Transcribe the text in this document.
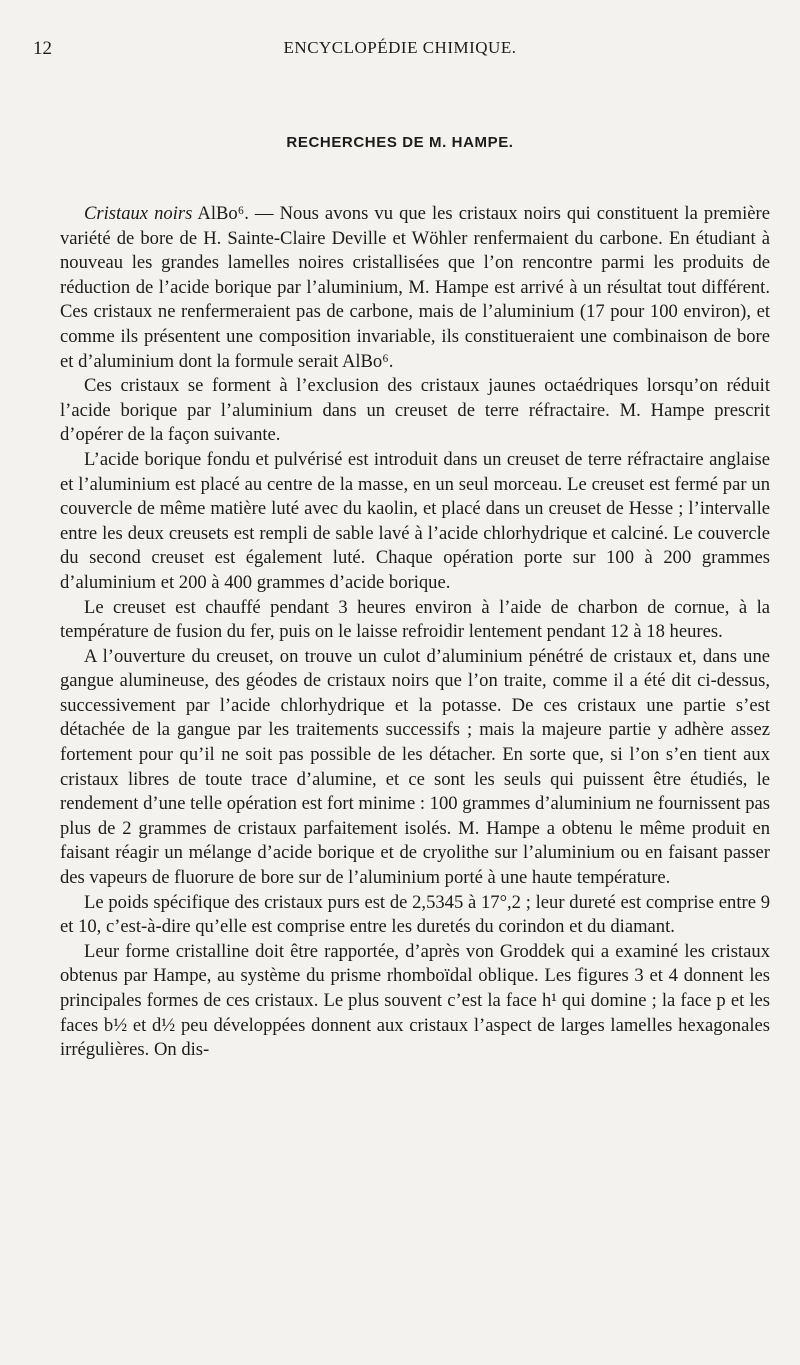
12	ENCYCLOPÉDIE CHIMIQUE.
RECHERCHES DE M. HAMPE.

Cristaux noirs AlBo⁶. — Nous avons vu que les cristaux noirs qui constituent la première variété de bore de H. Sainte-Claire Deville et Wöhler renfermaient du carbone. En étudiant à nouveau les grandes lamelles noires cristallisées que l’on rencontre parmi les produits de réduction de l’acide borique par l’aluminium, M. Hampe est arrivé à un résultat tout différent. Ces cristaux ne renfermeraient pas de carbone, mais de l’aluminium (17 pour 100 environ), et comme ils présentent une composition invariable, ils constitueraient une combinaison de bore et d’aluminium dont la formule serait AlBo⁶.

Ces cristaux se forment à l’exclusion des cristaux jaunes octaédriques lorsqu’on réduit l’acide borique par l’aluminium dans un creuset de terre réfractaire. M. Hampe prescrit d’opérer de la façon suivante.

L’acide borique fondu et pulvérisé est introduit dans un creuset de terre réfractaire anglaise et l’aluminium est placé au centre de la masse, en un seul morceau. Le creuset est fermé par un couvercle de même matière luté avec du kaolin, et placé dans un creuset de Hesse ; l’intervalle entre les deux creusets est rempli de sable lavé à l’acide chlorhydrique et calciné. Le couvercle du second creuset est également luté. Chaque opération porte sur 100 à 200 grammes d’aluminium et 200 à 400 grammes d’acide borique.

Le creuset est chauffé pendant 3 heures environ à l’aide de charbon de cornue, à la température de fusion du fer, puis on le laisse refroidir lentement pendant 12 à 18 heures.

A l’ouverture du creuset, on trouve un culot d’aluminium pénétré de cristaux et, dans une gangue alumineuse, des géodes de cristaux noirs que l’on traite, comme il a été dit ci-dessus, successivement par l’acide chlorhydrique et la potasse. De ces cristaux une partie s’est détachée de la gangue par les traitements successifs ; mais la majeure partie y adhère assez fortement pour qu’il ne soit pas possible de les détacher. En sorte que, si l’on s’en tient aux cristaux libres de toute trace d’alumine, et ce sont les seuls qui puissent être étudiés, le rendement d’une telle opération est fort minime : 100 grammes d’aluminium ne fournissent pas plus de 2 grammes de cristaux parfaitement isolés. M. Hampe a obtenu le même produit en faisant réagir un mélange d’acide borique et de cryolithe sur l’aluminium ou en faisant passer des vapeurs de fluorure de bore sur de l’aluminium porté à une haute température.

Le poids spécifique des cristaux purs est de 2,5345 à 17°,2 ; leur dureté est comprise entre 9 et 10, c’est-à-dire qu’elle est comprise entre les duretés du corindon et du diamant.

Leur forme cristalline doit être rapportée, d’après von Groddek qui a examiné les cristaux obtenus par Hampe, au système du prisme rhomboïdal oblique. Les figures 3 et 4 donnent les principales formes de ces cristaux. Le plus souvent c’est la face h¹ qui domine ; la face p et les faces b½ et d½ peu développées donnent aux cristaux l’aspect de larges lamelles hexagonales irrégulières. On dis-
